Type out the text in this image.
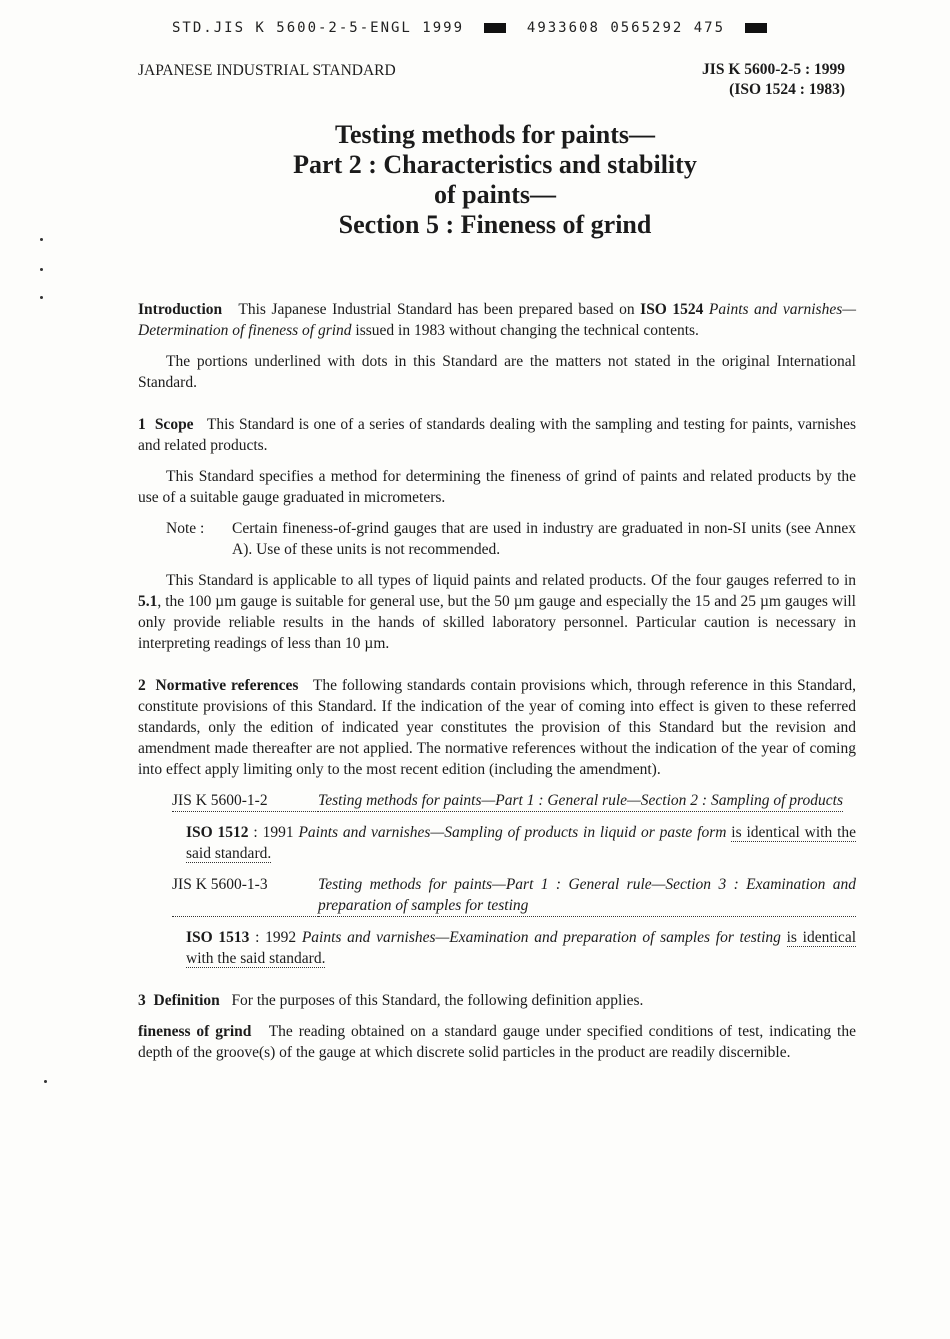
STD.JIS K 5600-2-5-ENGL 1999	4933608 0565292 475
JAPANESE INDUSTRIAL STANDARD	JIS K 5600-2-5 : 1999
(ISO 1524 : 1983)
Testing methods for paints—
Part 2 : Characteristics and stability
of paints—
Section 5 : Fineness of grind

Introduction This Japanese Industrial Standard has been prepared based on ISO 1524 Paints and varnishes—Determination of fineness of grind issued in 1983 without changing the technical contents.

The portions underlined with dots in this Standard are the matters not stated in the original International Standard.

1 Scope This Standard is one of a series of standards dealing with the sampling and testing for paints, varnishes and related products.

This Standard specifies a method for determining the fineness of grind of paints and related products by the use of a suitable gauge graduated in micrometers.

Note :	Certain fineness-of-grind gauges that are used in industry are graduated in non-SI units (see Annex A). Use of these units is not recommended.

This Standard is applicable to all types of liquid paints and related products. Of the four gauges referred to in 5.1, the 100 µm gauge is suitable for general use, but the 50 µm gauge and especially the 15 and 25 µm gauges will only provide reliable results in the hands of skilled laboratory personnel. Particular caution is necessary in interpreting readings of less than 10 µm.

2 Normative references The following standards contain provisions which, through reference in this Standard, constitute provisions of this Standard. If the indication of the year of coming into effect is given to these referred standards, only the edition of indicated year constitutes the provision of this Standard but the revision and amendment made thereafter are not applied. The normative references without the indication of the year of coming into effect apply limiting only to the most recent edition (including the amendment).

JIS K 5600-1-2	Testing methods for paints—Part 1 : General rule—Section 2 : Sampling of products

ISO 1512 : 1991 Paints and varnishes—Sampling of products in liquid or paste form is identical with the said standard.

JIS K 5600-1-3	Testing methods for paints—Part 1 : General rule—Section 3 : Examination and preparation of samples for testing

ISO 1513 : 1992 Paints and varnishes—Examination and preparation of samples for testing is identical with the said standard.

3 Definition For the purposes of this Standard, the following definition applies.

fineness of grind The reading obtained on a standard gauge under specified conditions of test, indicating the depth of the groove(s) of the gauge at which discrete solid particles in the product are readily discernible.
